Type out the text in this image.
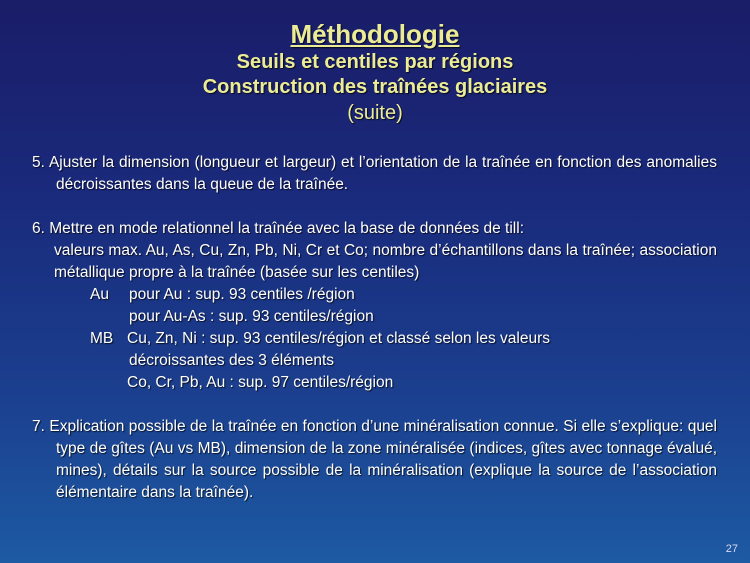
Méthodologie
Seuils et centiles par régions
Construction des traînées glaciaires
(suite)

5. Ajuster la dimension (longueur et largeur) et l’orientation de la traînée en fonction des anomalies décroissantes dans la queue de la traînée.

6. Mettre en mode relationnel la traînée avec la base de données de till:

valeurs max. Au, As, Cu, Zn, Pb, Ni, Cr et Co; nombre d’échantillons dans la traînée; association métallique propre à la traînée (basée sur les centiles)

Au pour Au : sup. 93 centiles /région
pour Au-As : sup. 93 centiles/région
MB Cu, Zn, Ni : sup. 93 centiles/région et classé selon les valeurs
décroissantes des 3 éléments
Co, Cr, Pb, Au : sup. 97 centiles/région

7. Explication possible de la traînée en fonction d’une minéralisation connue. Si elle s’explique: quel type de gîtes (Au vs MB), dimension de la zone minéralisée (indices, gîtes avec tonnage évalué, mines), détails sur la source possible de la minéralisation (explique la source de l’association élémentaire dans la traînée).

27
